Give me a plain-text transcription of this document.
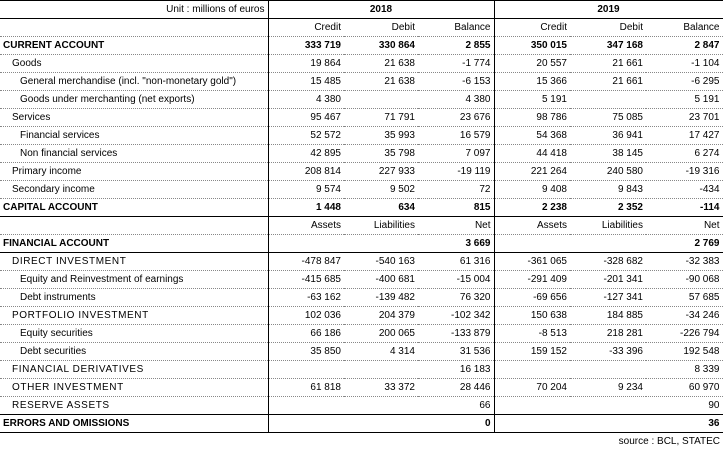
Unit : millions of euros	2018			2019		
	Credit	Debit	Balance	Credit	Debit	Balance
CURRENT ACCOUNT	333 719	330 864	2 855	350 015	347 168	2 847
Goods	19 864	21 638	-1 774	20 557	21 661	-1 104
General merchandise (incl. "non-monetary gold")	15 485	21 638	-6 153	15 366	21 661	-6 295
Goods under merchanting (net exports)	4 380		4 380	5 191		5 191
Services	95 467	71 791	23 676	98 786	75 085	23 701
Financial services	52 572	35 993	16 579	54 368	36 941	17 427
Non financial services	42 895	35 798	7 097	44 418	38 145	6 274
Primary income	208 814	227 933	-19 119	221 264	240 580	-19 316
Secondary income	9 574	9 502	72	9 408	9 843	-434
CAPITAL ACCOUNT	1 448	634	815	2 238	2 352	-114
	Assets	Liabilities	Net	Assets	Liabilities	Net
FINANCIAL ACCOUNT			3 669			2 769
DIRECT INVESTMENT	-478 847	-540 163	61 316	-361 065	-328 682	-32 383
Equity and Reinvestment of earnings	-415 685	-400 681	-15 004	-291 409	-201 341	-90 068
Debt instruments	-63 162	-139 482	76 320	-69 656	-127 341	57 685
PORTFOLIO INVESTMENT	102 036	204 379	-102 342	150 638	184 885	-34 246
Equity securities	66 186	200 065	-133 879	-8 513	218 281	-226 794
Debt securities	35 850	4 314	31 536	159 152	-33 396	192 548
FINANCIAL DERIVATIVES			16 183			8 339
OTHER INVESTMENT	61 818	33 372	28 446	70 204	9 234	60 970
RESERVE ASSETS			66			90
ERRORS AND OMISSIONS			0			36
source : BCL, STATEC						
